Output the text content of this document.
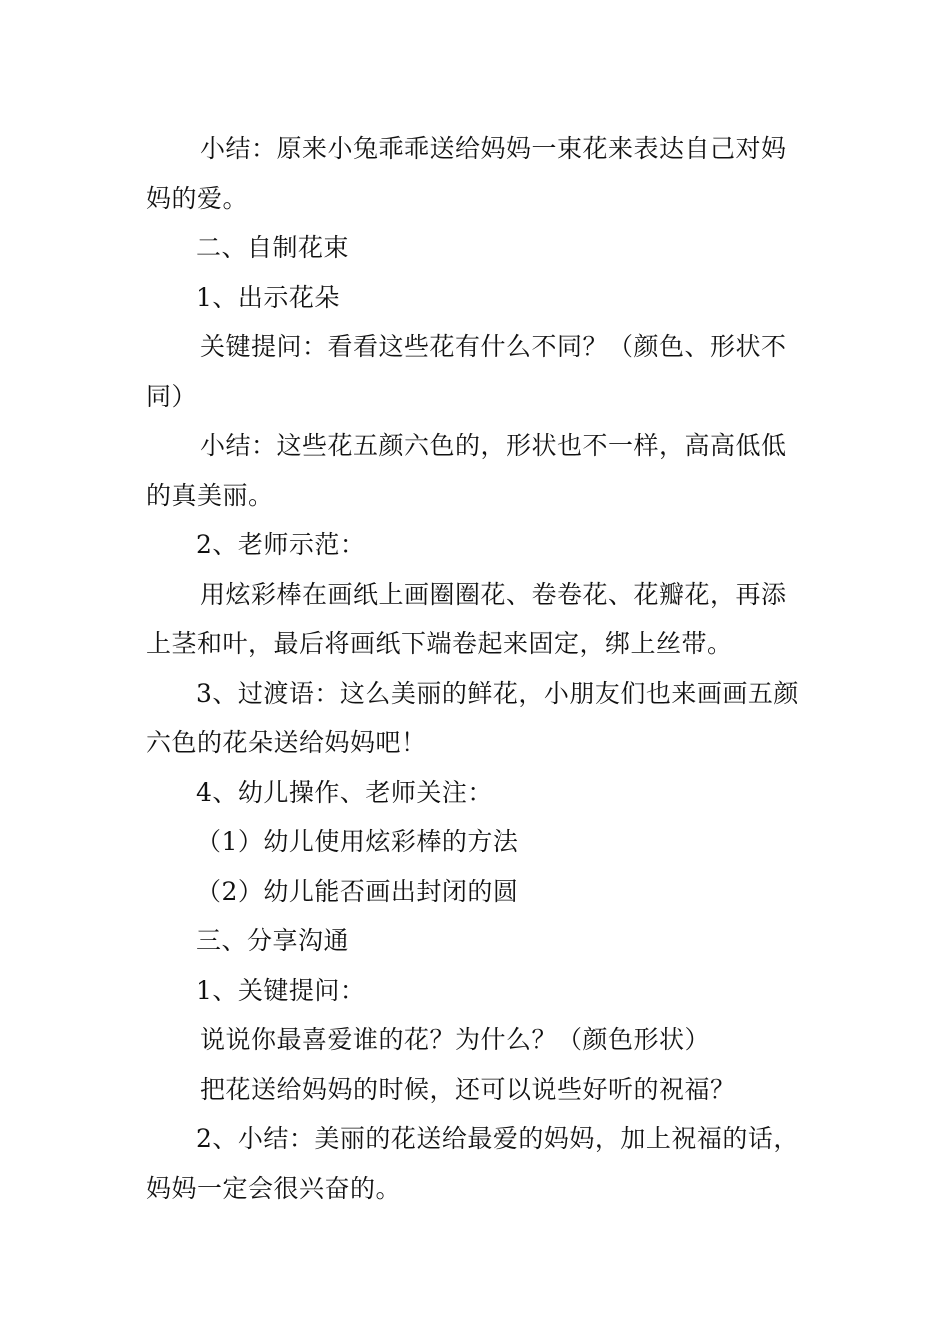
小结：原来小兔乖乖送给妈妈一束花来表达自己对妈妈的爱。

二、自制花束

1、出示花朵

关键提问：看看这些花有什么不同？（颜色、形状不同）

小结：这些花五颜六色的，形状也不一样，高高低低的真美丽。

2、老师示范：

用炫彩棒在画纸上画圈圈花、卷卷花、花瓣花，再添上茎和叶，最后将画纸下端卷起来固定，绑上丝带。

3、过渡语：这么美丽的鲜花，小朋友们也来画画五颜六色的花朵送给妈妈吧！

4、幼儿操作、老师关注：

（1）幼儿使用炫彩棒的方法

（2）幼儿能否画出封闭的圆

三、分享沟通

1、关键提问：

说说你最喜爱谁的花？为什么？（颜色形状）

把花送给妈妈的时候，还可以说些好听的祝福？

2、小结：美丽的花送给最爱的妈妈，加上祝福的话，妈妈一定会很兴奋的。
